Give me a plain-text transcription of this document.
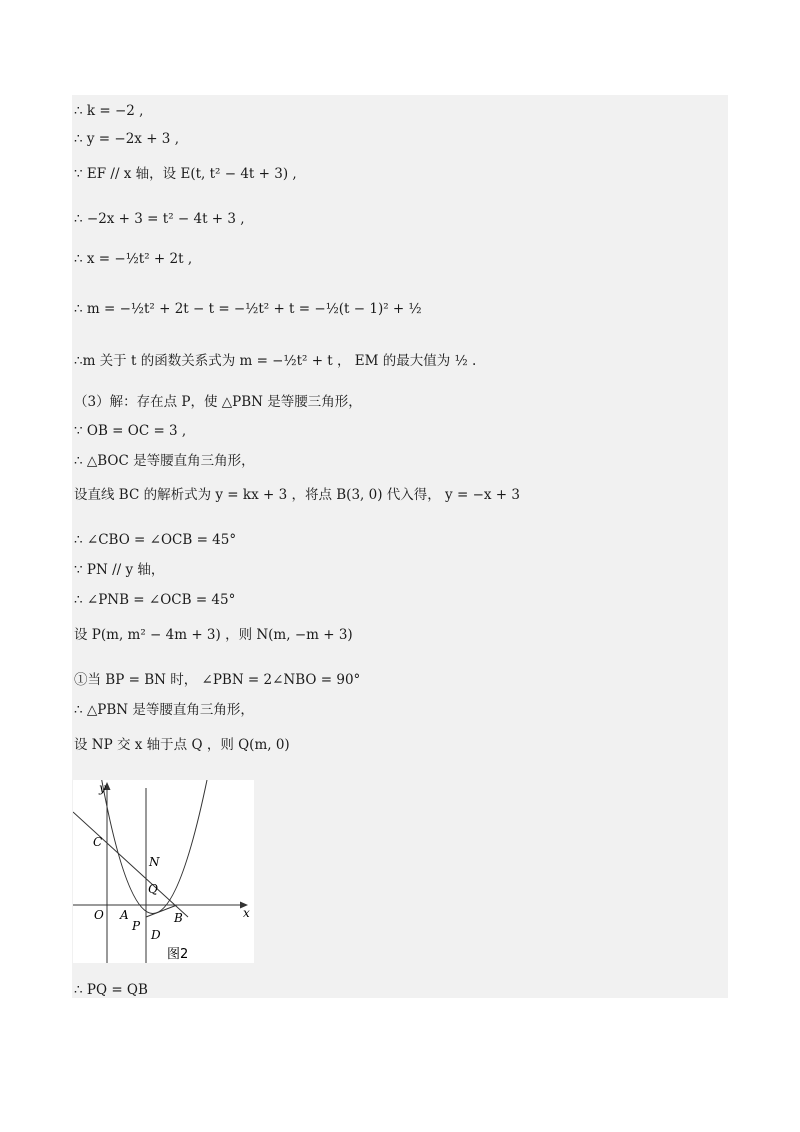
∴ k = −2 ,
∴ y = −2x + 3 ,
∵ EF // x 轴，设 E(t, t² − 4t + 3) ,
∴ −2x + 3 = t² − 4t + 3 ,
∴ x = −½t² + 2t ,
∴ m = −½t² + 2t − t = −½t² + t = −½(t − 1)² + ½
∴m 关于 t 的函数关系式为 m = −½t² + t ， EM 的最大值为 ½ .
（3）解：存在点 P，使 △PBN 是等腰三角形，
∵ OB = OC = 3 ,
∴ △BOC 是等腰直角三角形，
设直线 BC 的解析式为 y = kx + 3 ，将点 B(3, 0) 代入得， y = −x + 3
∴ ∠CBO = ∠OCB = 45°
∵ PN // y 轴，
∴ ∠PNB = ∠OCB = 45°
设 P(m, m² − 4m + 3) ，则 N(m, −m + 3)
①当 BP = BN 时， ∠PBN = 2∠NBO = 90°
∴ △PBN 是等腰直角三角形，
设 NP 交 x 轴于点 Q ，则 Q(m, 0)
y
x
C
N
Q
O A	B
P
D
图2
∴ PQ = QB
